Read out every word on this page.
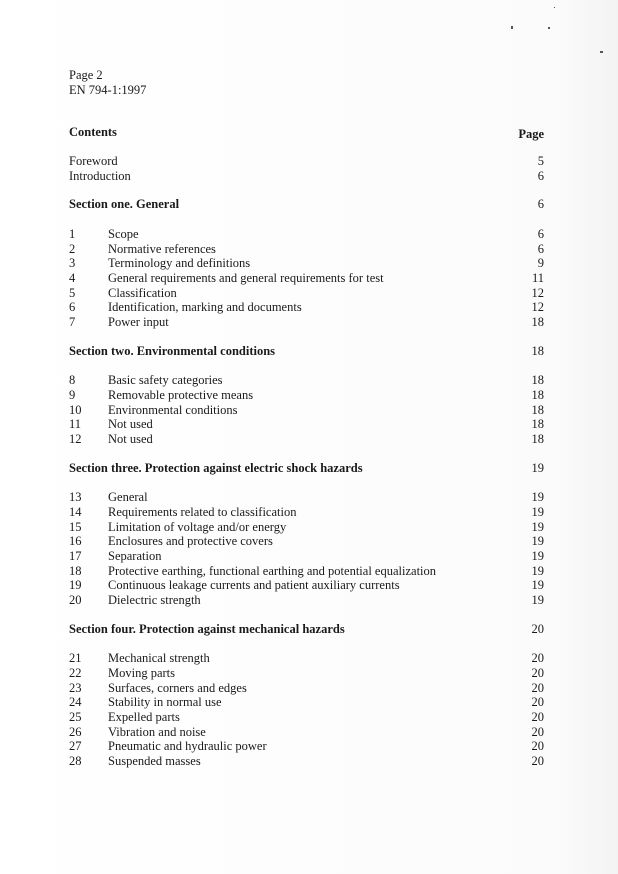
Page 2
EN 794-1:1997
Contents	Page
Foreword	5
Introduction	6
Section one. General	6
1	Scope	6
2	Normative references	6
3	Terminology and definitions	9
4	General requirements and general requirements for test	11
5	Classification	12
6	Identification, marking and documents	12
7	Power input	18
Section two. Environmental conditions	18
8	Basic safety categories	18
9	Removable protective means	18
10	Environmental conditions	18
11	Not used	18
12	Not used	18
Section three. Protection against electric shock hazards	19
13	General	19
14	Requirements related to classification	19
15	Limitation of voltage and/or energy	19
16	Enclosures and protective covers	19
17	Separation	19
18	Protective earthing, functional earthing and potential equalization	19
19	Continuous leakage currents and patient auxiliary currents	19
20	Dielectric strength	19
Section four. Protection against mechanical hazards	20
21	Mechanical strength	20
22	Moving parts	20
23	Surfaces, corners and edges	20
24	Stability in normal use	20
25	Expelled parts	20
26	Vibration and noise	20
27	Pneumatic and hydraulic power	20
28	Suspended masses	20
